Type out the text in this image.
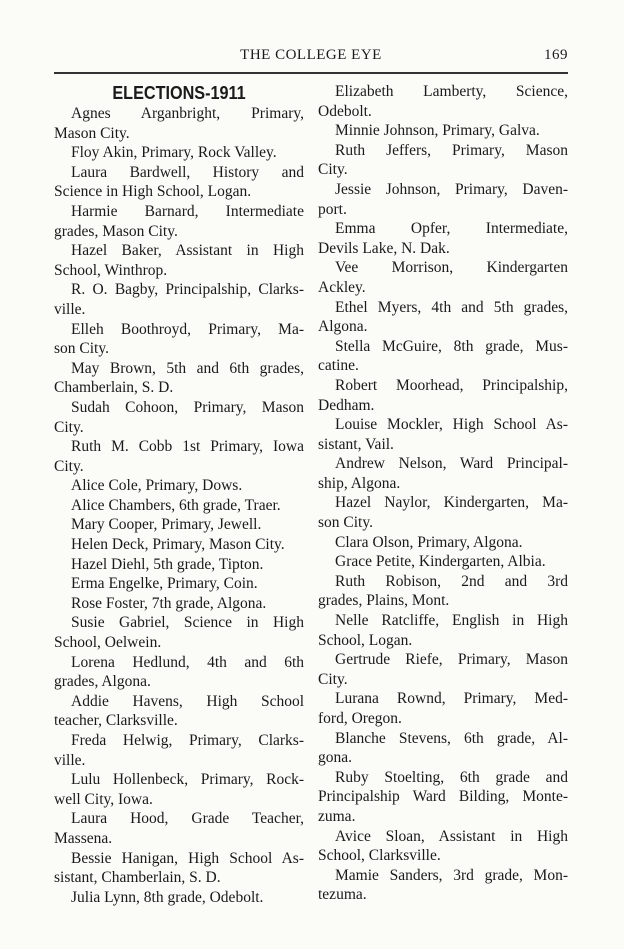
THE COLLEGE EYE	169
ELECTIONS-1911
Agnes Arganbright, Primary,
Mason City.
Floy Akin, Primary, Rock Valley.
Laura Bardwell, History and
Science in High School, Logan.
Harmie Barnard, Intermediate
grades, Mason City.
Hazel Baker, Assistant in High
School, Winthrop.
R. O. Bagby, Principalship, Clarks-
ville.
Elleh Boothroyd, Primary, Ma-
son City.
May Brown, 5th and 6th grades,
Chamberlain, S. D.
Sudah Cohoon, Primary, Mason
City.
Ruth M. Cobb 1st Primary, Iowa
City.
Alice Cole, Primary, Dows.
Alice Chambers, 6th grade, Traer.
Mary Cooper, Primary, Jewell.
Helen Deck, Primary, Mason City.
Hazel Diehl, 5th grade, Tipton.
Erma Engelke, Primary, Coin.
Rose Foster, 7th grade, Algona.
Susie Gabriel, Science in High
School, Oelwein.
Lorena Hedlund, 4th and 6th
grades, Algona.
Addie Havens, High School
teacher, Clarksville.
Freda Helwig, Primary, Clarks-
ville.
Lulu Hollenbeck, Primary, Rock-
well City, Iowa.
Laura Hood, Grade Teacher,
Massena.
Bessie Hanigan, High School As-
sistant, Chamberlain, S. D.
Julia Lynn, 8th grade, Odebolt.
Elizabeth Lamberty, Science,
Odebolt.
Minnie Johnson, Primary, Galva.
Ruth Jeffers, Primary, Mason
City.
Jessie Johnson, Primary, Daven-
port.
Emma Opfer, Intermediate,
Devils Lake, N. Dak.
Vee Morrison, Kindergarten
Ackley.
Ethel Myers, 4th and 5th grades,
Algona.
Stella McGuire, 8th grade, Mus-
catine.
Robert Moorhead, Principalship,
Dedham.
Louise Mockler, High School As-
sistant, Vail.
Andrew Nelson, Ward Principal-
ship, Algona.
Hazel Naylor, Kindergarten, Ma-
son City.
Clara Olson, Primary, Algona.
Grace Petite, Kindergarten, Albia.
Ruth Robison, 2nd and 3rd
grades, Plains, Mont.
Nelle Ratcliffe, English in High
School, Logan.
Gertrude Riefe, Primary, Mason
City.
Lurana Rownd, Primary, Med-
ford, Oregon.
Blanche Stevens, 6th grade, Al-
gona.
Ruby Stoelting, 6th grade and
Principalship Ward Bilding, Monte-
zuma.
Avice Sloan, Assistant in High
School, Clarksville.
Mamie Sanders, 3rd grade, Mon-
tezuma.
